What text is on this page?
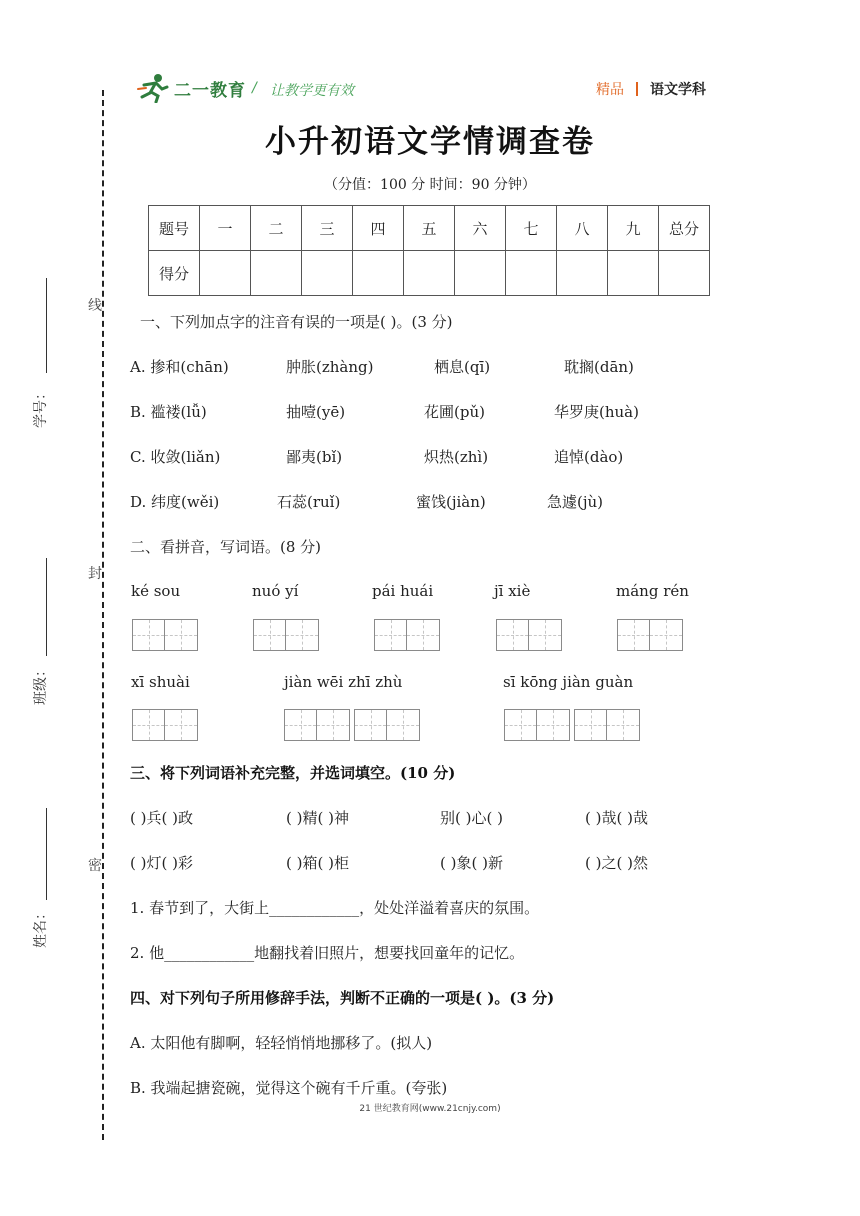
二一教育 / 让教学更有效	精品 语文学科
小升初语文学情调查卷
（分值：100 分 时间：90 分钟）
题号	一	二	三	四	五	六	七	八	九	总分
得分										
线
封
密
学号：
班级：
姓名：
一、下列加点字的注音有误的一项是( )。(3 分)
A. 掺和(chān)	肿胀(zhàng)	栖息(qī)	耽搁(dān)
B. 褴褛(lǚ)	抽噎(yē)	花圃(pǔ)	华罗庚(huà)
C. 收敛(liǎn)	鄙夷(bǐ)	炽热(zhì)	追悼(dào)
D. 纬度(wěi)	石蕊(ruǐ)	蜜饯(jiàn)	急遽(jù)
二、看拼音，写词语。(8 分)
ké sou	nuó yí	pái huái	jī xiè	máng rén
xī shuài	jiàn wēi zhī zhù	sī kōng jiàn guàn
三、将下列词语补充完整，并选词填空。(10 分)
( )兵( )政	( )精( )神	别( )心( )	( )哉( )哉
( )灯( )彩	( )箱( )柜	( )象( )新	( )之( )然
1. 春节到了，大街上____________，处处洋溢着喜庆的氛围。
2. 他____________地翻找着旧照片，想要找回童年的记忆。
四、对下列句子所用修辞手法，判断不正确的一项是( )。(3 分)
A. 太阳他有脚啊，轻轻悄悄地挪移了。(拟人)
B. 我端起搪瓷碗，觉得这个碗有千斤重。(夸张)
21 世纪教育网(www.21cnjy.com)
